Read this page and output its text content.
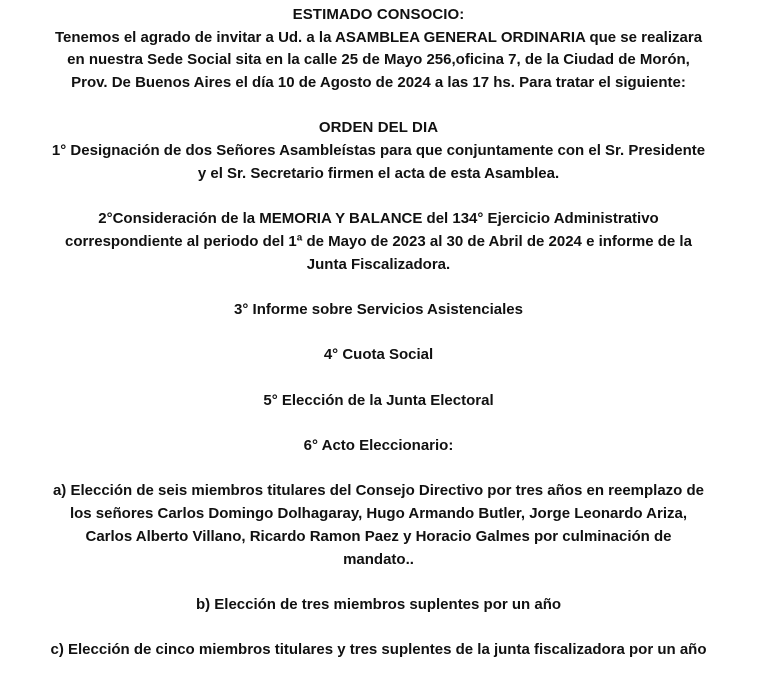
ESTIMADO CONSOCIO:
Tenemos el agrado de invitar a Ud. a la ASAMBLEA GENERAL ORDINARIA que se realizara
en nuestra Sede Social sita en la calle 25 de Mayo 256,oficina 7, de la Ciudad de Morón,
Prov. De Buenos Aires el día 10 de Agosto de 2024 a las 17 hs. Para tratar el siguiente:
ORDEN DEL DIA
1° Designación de dos Señores Asambleístas para que conjuntamente con el Sr. Presidente
y el Sr. Secretario firmen el acta de esta Asamblea.
2°Consideración de la MEMORIA Y BALANCE del 134° Ejercicio Administrativo
correspondiente al periodo del 1ª de Mayo de 2023 al 30 de Abril de 2024 e informe de la
Junta Fiscalizadora.
3° Informe sobre Servicios Asistenciales
4° Cuota Social
5° Elección de la Junta Electoral
6° Acto Eleccionario:
a) Elección de seis miembros titulares del Consejo Directivo por tres años en reemplazo de
los señores Carlos Domingo Dolhagaray, Hugo Armando Butler, Jorge Leonardo Ariza,
Carlos Alberto Villano, Ricardo Ramon Paez y Horacio Galmes por culminación de
mandato..
b) Elección de tres miembros suplentes por un año
c) Elección de cinco miembros titulares y tres suplentes de la junta fiscalizadora por un año
